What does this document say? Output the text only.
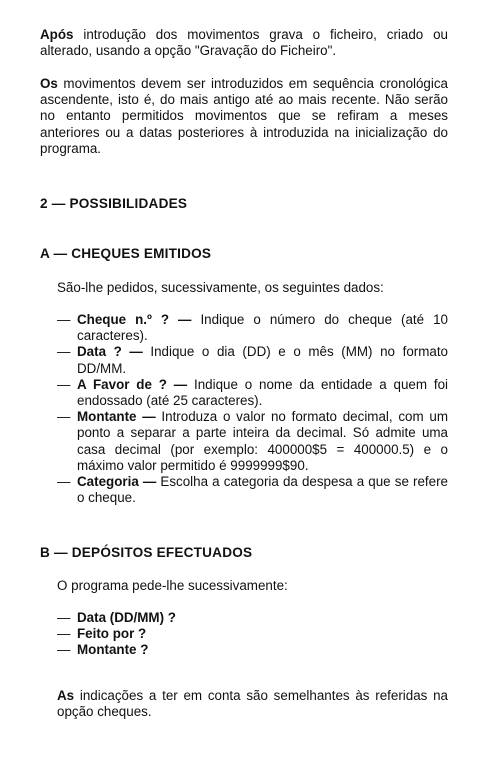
Após introdução dos movimentos grava o ficheiro, criado ou alterado, usando a opção "Gravação do Ficheiro".

Os movimentos devem ser introduzidos em sequência cronológica ascendente, isto é, do mais antigo até ao mais recente. Não serão no entanto permitidos movimentos que se refiram a meses anteriores ou a datas posteriores à introduzida na inicialização do programa.

2 — POSSIBILIDADES
A — CHEQUES EMITIDOS

São-lhe pedidos, sucessivamente, os seguintes dados:

— Cheque n.º ? — Indique o número do cheque (até 10 caracteres).
— Data ? — Indique o dia (DD) e o mês (MM) no formato DD/MM.
— A Favor de ? — Indique o nome da entidade a quem foi endossado (até 25 caracteres).
— Montante — Introduza o valor no formato decimal, com um ponto a separar a parte inteira da decimal. Só admite uma casa decimal (por exemplo: 400000$5 = 400000.5) e o máximo valor permitido é 9999999$90.
— Categoria — Escolha a categoria da despesa a que se refere o cheque.
B — DEPÓSITOS EFECTUADOS

O programa pede-lhe sucessivamente:

— Data (DD/MM) ?
— Feito por ?
— Montante ?

As indicações a ter em conta são semelhantes às referidas na opção cheques.
